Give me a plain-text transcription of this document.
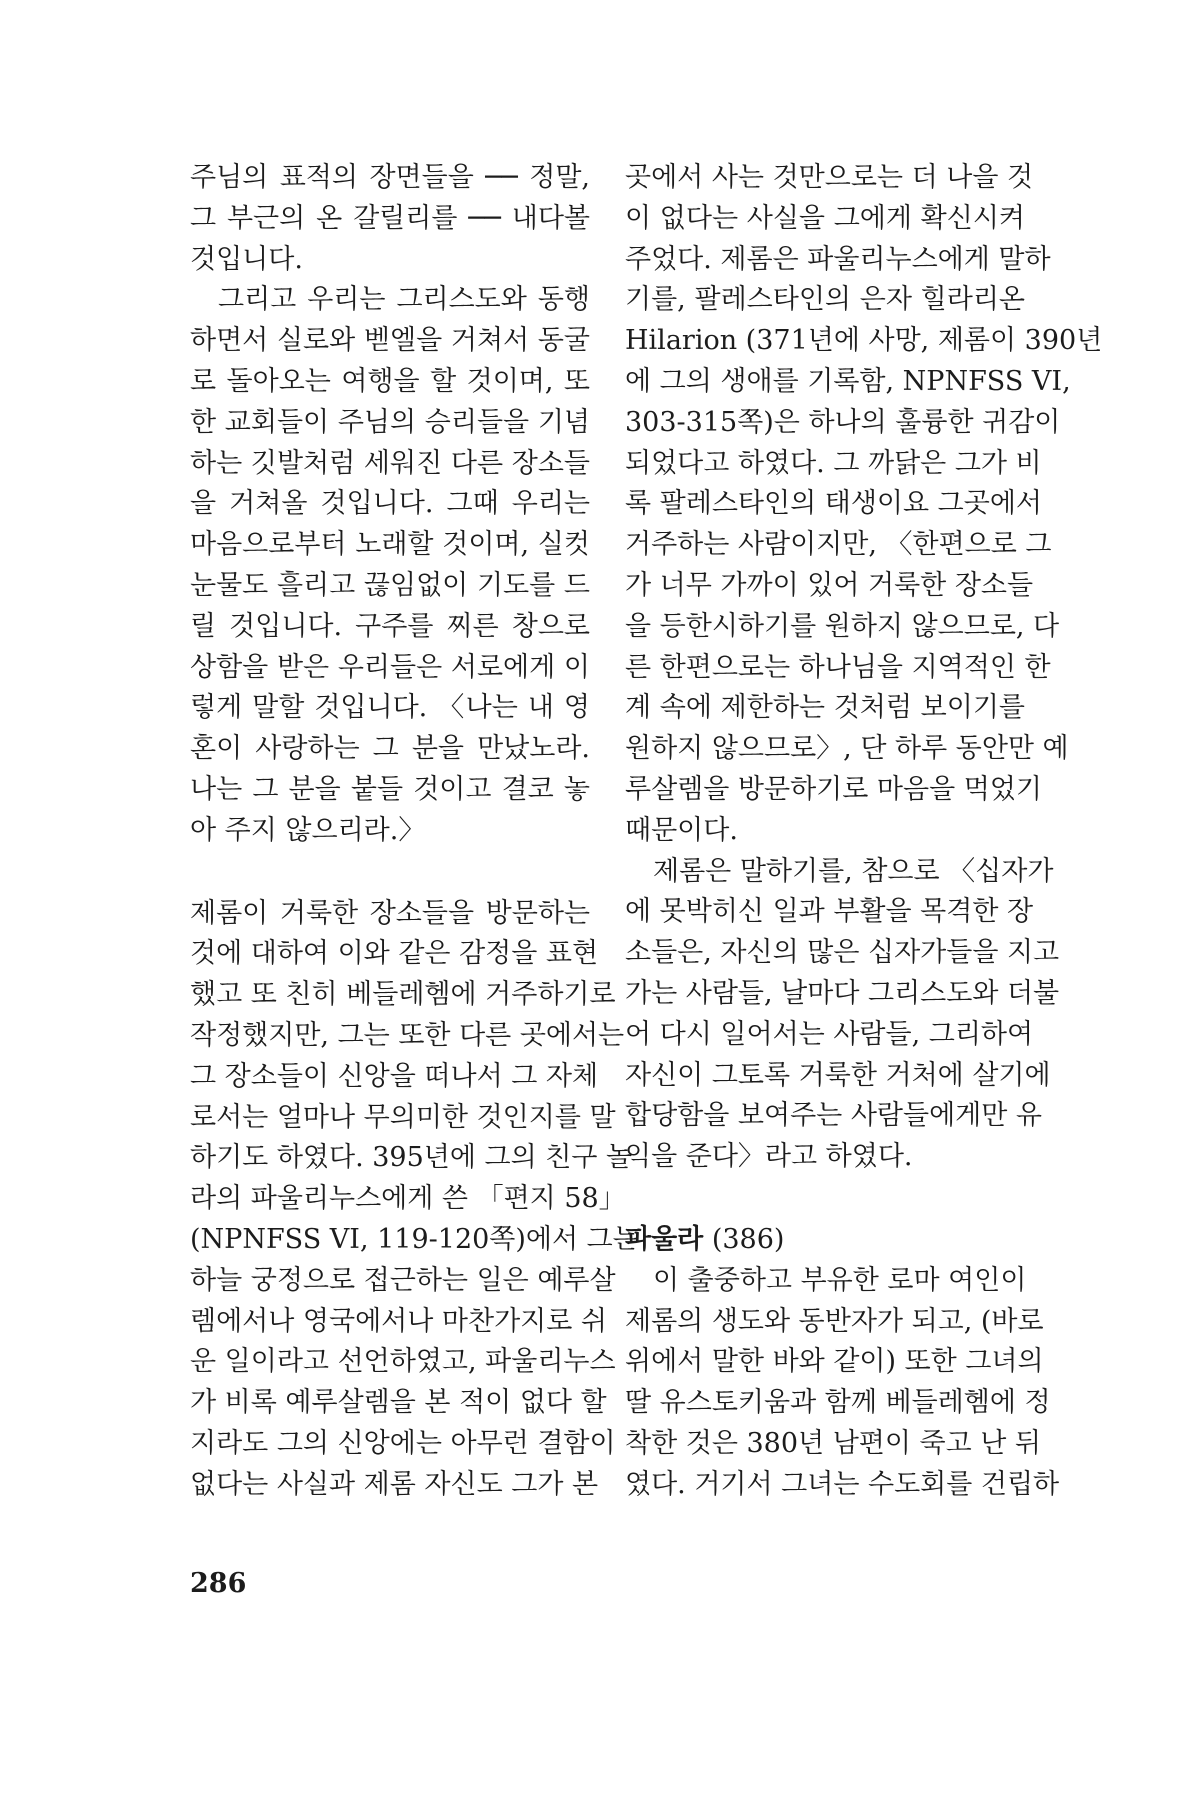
주님의 표적의 장면들을 ── 정말,
그 부근의 온 갈릴리를 ── 내다볼
것입니다.
그리고 우리는 그리스도와 동행
하면서 실로와 벧엘을 거쳐서 동굴
로 돌아오는 여행을 할 것이며, 또
한 교회들이 주님의 승리들을 기념
하는 깃발처럼 세워진 다른 장소들
을 거쳐올 것입니다. 그때 우리는
마음으로부터 노래할 것이며, 실컷
눈물도 흘리고 끊임없이 기도를 드
릴 것입니다. 구주를 찌른 창으로
상함을 받은 우리들은 서로에게 이
렇게 말할 것입니다. 〈나는 내 영
혼이 사랑하는 그 분을 만났노라.
나는 그 분을 붙들 것이고 결코 놓
아 주지 않으리라.〉
제롬이 거룩한 장소들을 방문하는
것에 대하여 이와 같은 감정을 표현
했고 또 친히 베들레헴에 거주하기로
작정했지만, 그는 또한 다른 곳에서는
그 장소들이 신앙을 떠나서 그 자체
로서는 얼마나 무의미한 것인지를 말
하기도 하였다. 395년에 그의 친구 놀
라의 파울리누스에게 쓴 「편지 58」
(NPNFSS VI, 119-120쪽)에서 그는
하늘 궁정으로 접근하는 일은 예루살
렘에서나 영국에서나 마찬가지로 쉬
운 일이라고 선언하였고, 파울리누스
가 비록 예루살렘을 본 적이 없다 할
지라도 그의 신앙에는 아무런 결함이
없다는 사실과 제롬 자신도 그가 본
곳에서 사는 것만으로는 더 나을 것
이 없다는 사실을 그에게 확신시켜
주었다. 제롬은 파울리누스에게 말하
기를, 팔레스타인의 은자 힐라리온
Hilarion (371년에 사망, 제롬이 390년
에 그의 생애를 기록함, NPNFSS VI,
303-315쪽)은 하나의 훌륭한 귀감이
되었다고 하였다. 그 까닭은 그가 비
록 팔레스타인의 태생이요 그곳에서
거주하는 사람이지만, 〈한편으로 그
가 너무 가까이 있어 거룩한 장소들
을 등한시하기를 원하지 않으므로, 다
른 한편으로는 하나님을 지역적인 한
계 속에 제한하는 것처럼 보이기를
원하지 않으므로〉, 단 하루 동안만 예
루살렘을 방문하기로 마음을 먹었기
때문이다.
제롬은 말하기를, 참으로 〈십자가
에 못박히신 일과 부활을 목격한 장
소들은, 자신의 많은 십자가들을 지고
가는 사람들, 날마다 그리스도와 더불
어 다시 일어서는 사람들, 그리하여
자신이 그토록 거룩한 거처에 살기에
합당함을 보여주는 사람들에게만 유
익을 준다〉라고 하였다.
파울라 (386)
이 출중하고 부유한 로마 여인이
제롬의 생도와 동반자가 되고, (바로
위에서 말한 바와 같이) 또한 그녀의
딸 유스토키움과 함께 베들레헴에 정
착한 것은 380년 남편이 죽고 난 뒤
였다. 거기서 그녀는 수도회를 건립하
286
